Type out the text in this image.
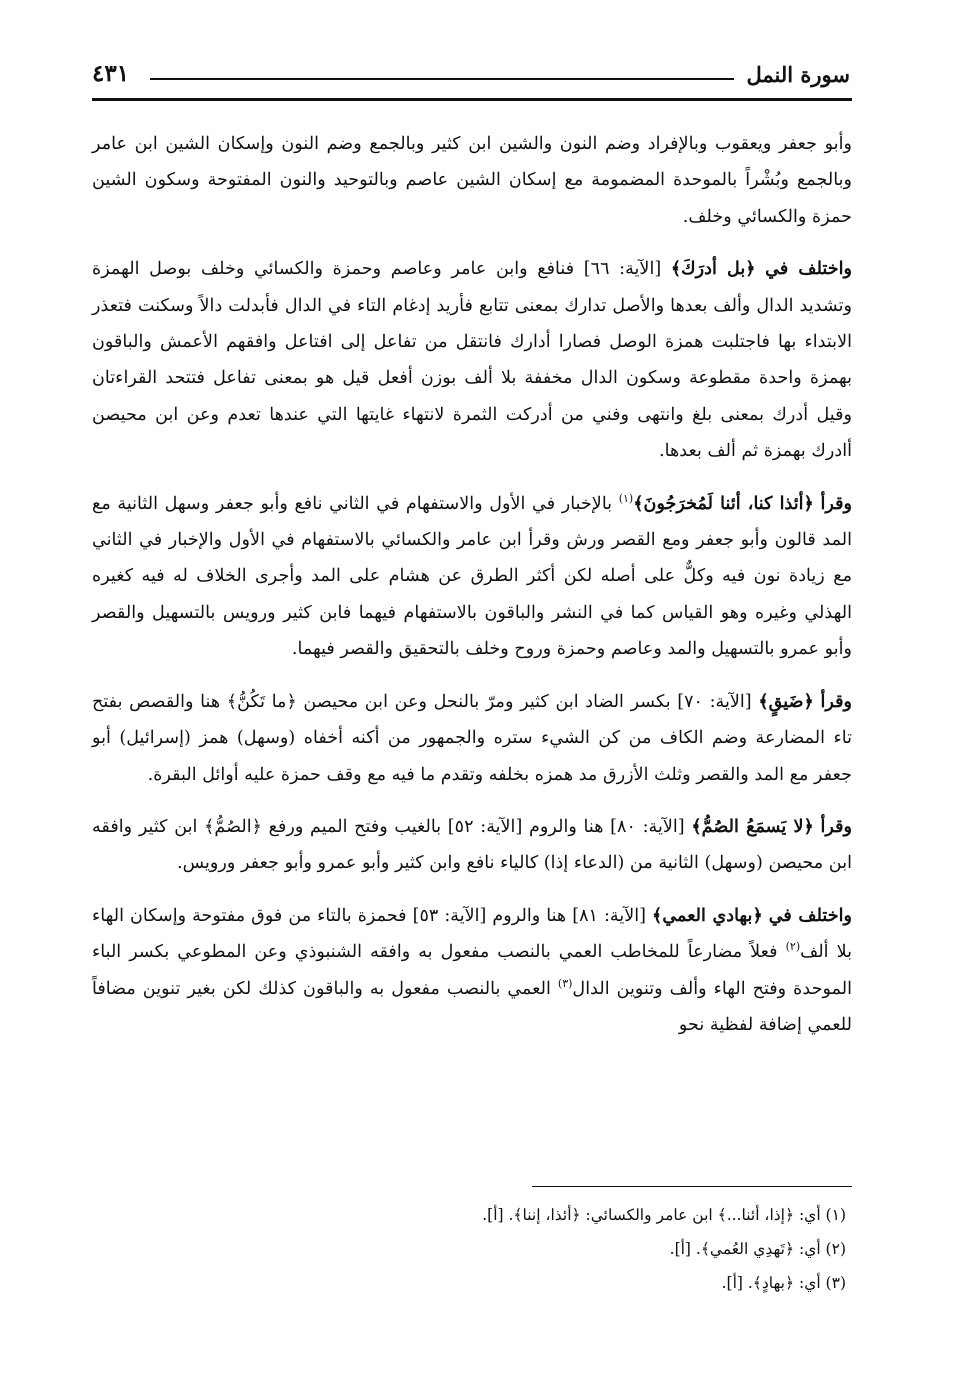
سورة النمل
٤٣١

وأبو جعفر ويعقوب وبالإفراد وضم النون والشين ابن كثير وبالجمع وضم النون وإسكان الشين ابن عامر وبالجمع وبُشْراً بالموحدة المضمومة مع إسكان الشين عاصم وبالتوحيد والنون المفتوحة وسكون الشين حمزة والكسائي وخلف.

واختلف في ﴿بل أدرَكَ﴾ [الآية: ٦٦] فنافع وابن عامر وعاصم وحمزة والكسائي وخلف بوصل الهمزة وتشديد الدال وألف بعدها والأصل تدارك بمعنى تتابع فأريد إدغام التاء في الدال فأبدلت دالاً وسكنت فتعذر الابتداء بها فاجتلبت همزة الوصل فصارا أدارك فانتقل من تفاعل إلى افتاعل وافقهم الأعمش والباقون بهمزة واحدة مقطوعة وسكون الدال مخففة بلا ألف بوزن أفعل قيل هو بمعنى تفاعل فتتحد القراءتان وقيل أدرك بمعنى بلغ وانتهى وفني من أدركت الثمرة لانتهاء غايتها التي عندها تعدم وعن ابن محيصن أادرك بهمزة ثم ألف بعدها.

وقرأ ﴿أئذا كنا، أئنا لَمُخرَجُونَ﴾$^{(١)}$ بالإخبار في الأول والاستفهام في الثاني نافع وأبو جعفر وسهل الثانية مع المد قالون وأبو جعفر ومع القصر ورش وقرأ ابن عامر والكسائي بالاستفهام في الأول والإخبار في الثاني مع زيادة نون فيه وكلٌّ على أصله لكن أكثر الطرق عن هشام على المد وأجرى الخلاف له فيه كغيره الهذلي وغيره وهو القياس كما في النشر والباقون بالاستفهام فيهما فابن كثير ورويس بالتسهيل والقصر وأبو عمرو بالتسهيل والمد وعاصم وحمزة وروح وخلف بالتحقيق والقصر فيهما.

وقرأ ﴿ضَيقٍ﴾ [الآية: ٧٠] بكسر الضاد ابن كثير ومرّ بالنحل وعن ابن محيصن ﴿ما تَكُنُّ﴾ هنا والقصص بفتح تاء المضارعة وضم الكاف من كن الشيء ستره والجمهور من أكنه أخفاه (وسهل) همز (إسرائيل) أبو جعفر مع المد والقصر وثلث الأزرق مد همزه بخلفه وتقدم ما فيه مع وقف حمزة عليه أوائل البقرة.

وقرأ ﴿لا يَسمَعُ الصُمُّ﴾ [الآية: ٨٠] هنا والروم [الآية: ٥٢] بالغيب وفتح الميم ورفع ﴿الصُمُّ﴾ ابن كثير وافقه ابن محيصن (وسهل) الثانية من (الدعاء إذا) كالياء نافع وابن كثير وأبو عمرو وأبو جعفر ورويس.

واختلف في ﴿بهادي العمي﴾ [الآية: ٨١] هنا والروم [الآية: ٥٣] فحمزة بالتاء من فوق مفتوحة وإسكان الهاء بلا ألف$^{(٢)}$ فعلاً مضارعاً للمخاطب العمي بالنصب مفعول به وافقه الشنبوذي وعن المطوعي بكسر الباء الموحدة وفتح الهاء وألف وتنوين الدال$^{(٣)}$ العمي بالنصب مفعول به والباقون كذلك لكن بغير تنوين مضافاً للعمي إضافة لفظية نحو

(١) أي: ﴿إذا، أئنا...﴾ ابن عامر والكسائي: ﴿أئذا، إننا﴾. [أ].

(٢) أي: ﴿تَهدِي العُمي﴾. [أ].

(٣) أي: ﴿بهادٍ﴾. [أ].
